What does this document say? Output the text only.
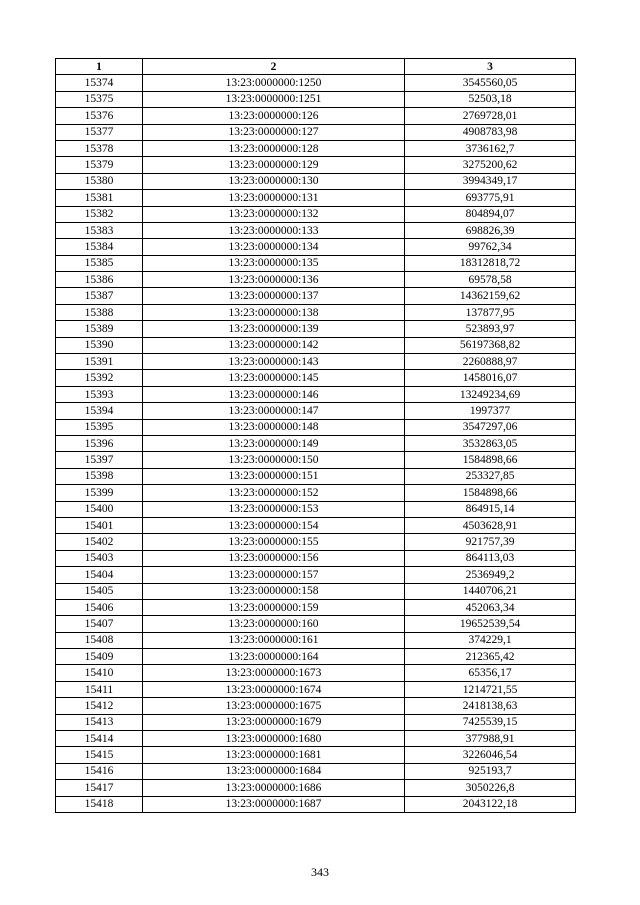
1	2	3
15374	13:23:0000000:1250	3545560,05
15375	13:23:0000000:1251	52503,18
15376	13:23:0000000:126	2769728,01
15377	13:23:0000000:127	4908783,98
15378	13:23:0000000:128	3736162,7
15379	13:23:0000000:129	3275200,62
15380	13:23:0000000:130	3994349,17
15381	13:23:0000000:131	693775,91
15382	13:23:0000000:132	804894,07
15383	13:23:0000000:133	698826,39
15384	13:23:0000000:134	99762,34
15385	13:23:0000000:135	18312818,72
15386	13:23:0000000:136	69578,58
15387	13:23:0000000:137	14362159,62
15388	13:23:0000000:138	137877,95
15389	13:23:0000000:139	523893,97
15390	13:23:0000000:142	56197368,82
15391	13:23:0000000:143	2260888,97
15392	13:23:0000000:145	1458016,07
15393	13:23:0000000:146	13249234,69
15394	13:23:0000000:147	1997377
15395	13:23:0000000:148	3547297,06
15396	13:23:0000000:149	3532863,05
15397	13:23:0000000:150	1584898,66
15398	13:23:0000000:151	253327,85
15399	13:23:0000000:152	1584898,66
15400	13:23:0000000:153	864915,14
15401	13:23:0000000:154	4503628,91
15402	13:23:0000000:155	921757,39
15403	13:23:0000000:156	864113,03
15404	13:23:0000000:157	2536949,2
15405	13:23:0000000:158	1440706,21
15406	13:23:0000000:159	452063,34
15407	13:23:0000000:160	19652539,54
15408	13:23:0000000:161	374229,1
15409	13:23:0000000:164	212365,42
15410	13:23:0000000:1673	65356,17
15411	13:23:0000000:1674	1214721,55
15412	13:23:0000000:1675	2418138,63
15413	13:23:0000000:1679	7425539,15
15414	13:23:0000000:1680	377988,91
15415	13:23:0000000:1681	3226046,54
15416	13:23:0000000:1684	925193,7
15417	13:23:0000000:1686	3050226,8
15418	13:23:0000000:1687	2043122,18
343
